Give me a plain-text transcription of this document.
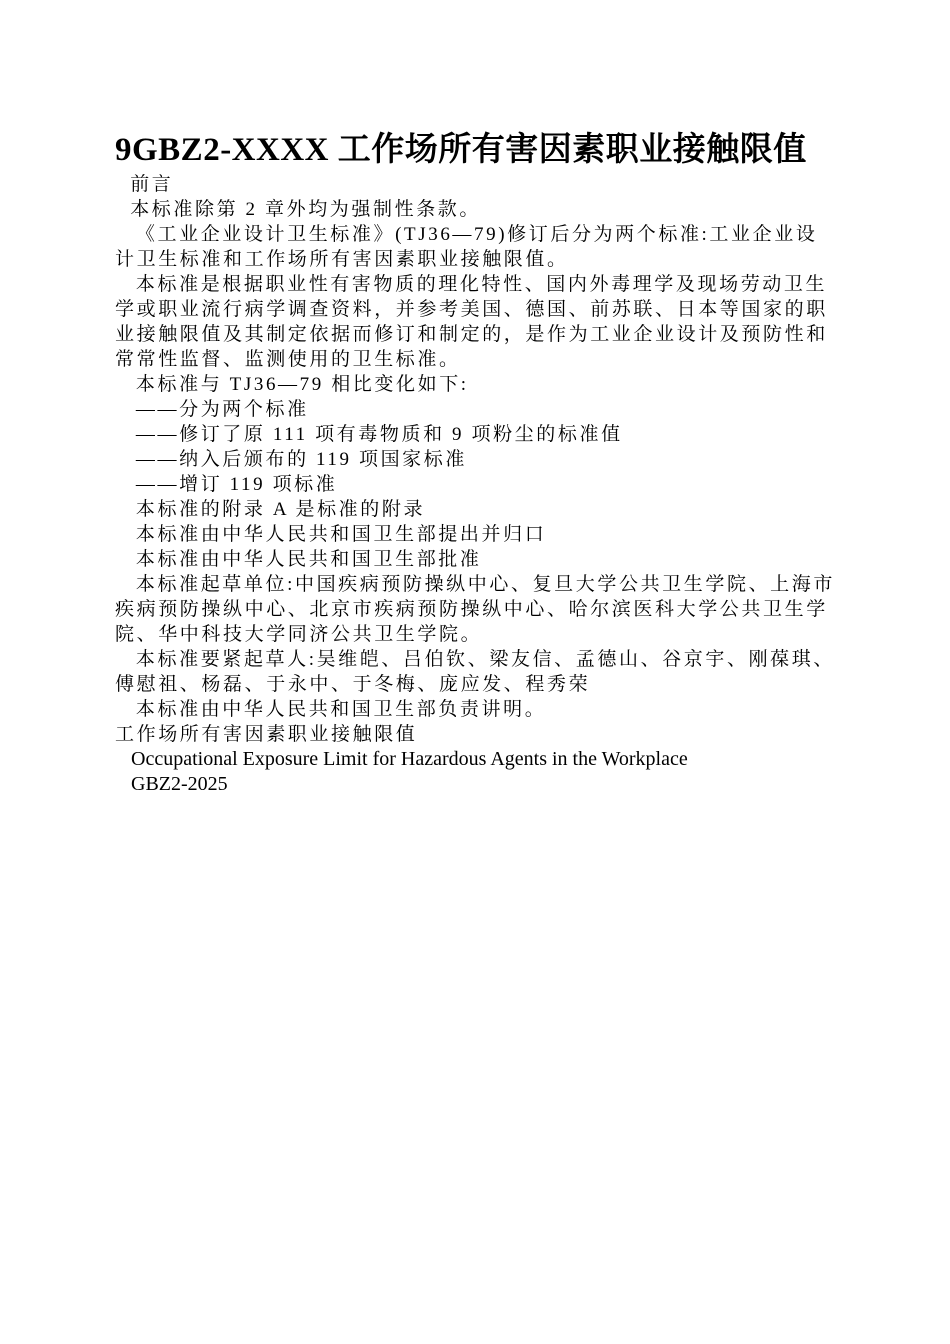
9GBZ2-XXXX 工作场所有害因素职业接触限值

前言

本标准除第 2 章外均为强制性条款。

《工业企业设计卫生标准》(TJ36—79)修订后分为两个标准:工业企业设计卫生标准和工作场所有害因素职业接触限值。

本标准是根据职业性有害物质的理化特性、国内外毒理学及现场劳动卫生学或职业流行病学调查资料，并参考美国、德国、前苏联、日本等国家的职业接触限值及其制定依据而修订和制定的，是作为工业企业设计及预防性和常常性监督、监测使用的卫生标准。

本标准与 TJ36—79 相比变化如下:

——分为两个标准

——修订了原 111 项有毒物质和 9 项粉尘的标准值

——纳入后颁布的 119 项国家标准

——增订 119 项标准

本标准的附录 A 是标准的附录

本标准由中华人民共和国卫生部提出并归口

本标准由中华人民共和国卫生部批准

本标准起草单位:中国疾病预防操纵中心、复旦大学公共卫生学院、上海市疾病预防操纵中心、北京市疾病预防操纵中心、哈尔滨医科大学公共卫生学院、华中科技大学同济公共卫生学院。

本标准要紧起草人:吴维皑、吕伯钦、梁友信、孟德山、谷京宇、刚葆琪、傅慰祖、杨磊、于永中、于冬梅、庞应发、程秀荣

本标准由中华人民共和国卫生部负责讲明。

工作场所有害因素职业接触限值

Occupational Exposure Limit for Hazardous Agents in the Workplace

GBZ2-2025
